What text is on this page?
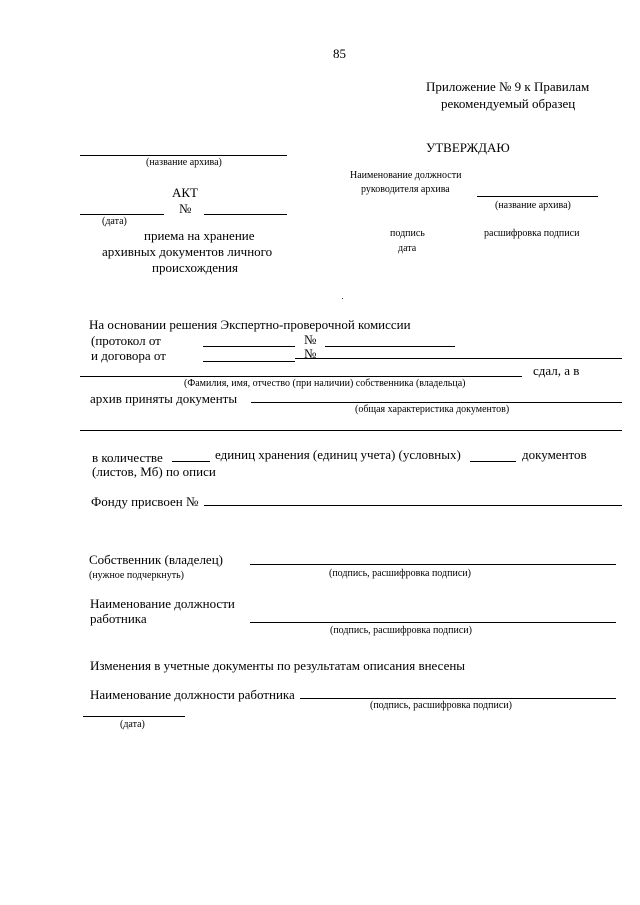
85
Приложение № 9 к Правилам
рекомендуемый образец
УТВЕРЖДАЮ
Наименование должности
руководителя архива
(название архива)
подпись	расшифровка подписи
дата
(название архива)
АКТ
№
(дата)
приема на хранение
архивных документов личного
происхождения
На основании решения Экспертно-проверочной комиссии
(протокол от	№
и договора от	№
сдал, а в
(Фамилия, имя, отчество (при наличии) собственника (владельца)
архив приняты документы
(общая характеристика документов)
в количестве	единиц хранения (единиц учета) (условных)	документов
(листов, Мб) по описи
Фонду присвоен №
Собственник (владелец)
(нужное подчеркнуть)	(подпись, расшифровка подписи)
Наименование должности
работника
(подпись, расшифровка подписи)
Изменения в учетные документы по результатам описания внесены
Наименование должности работника
(подпись, расшифровка подписи)
(дата)
